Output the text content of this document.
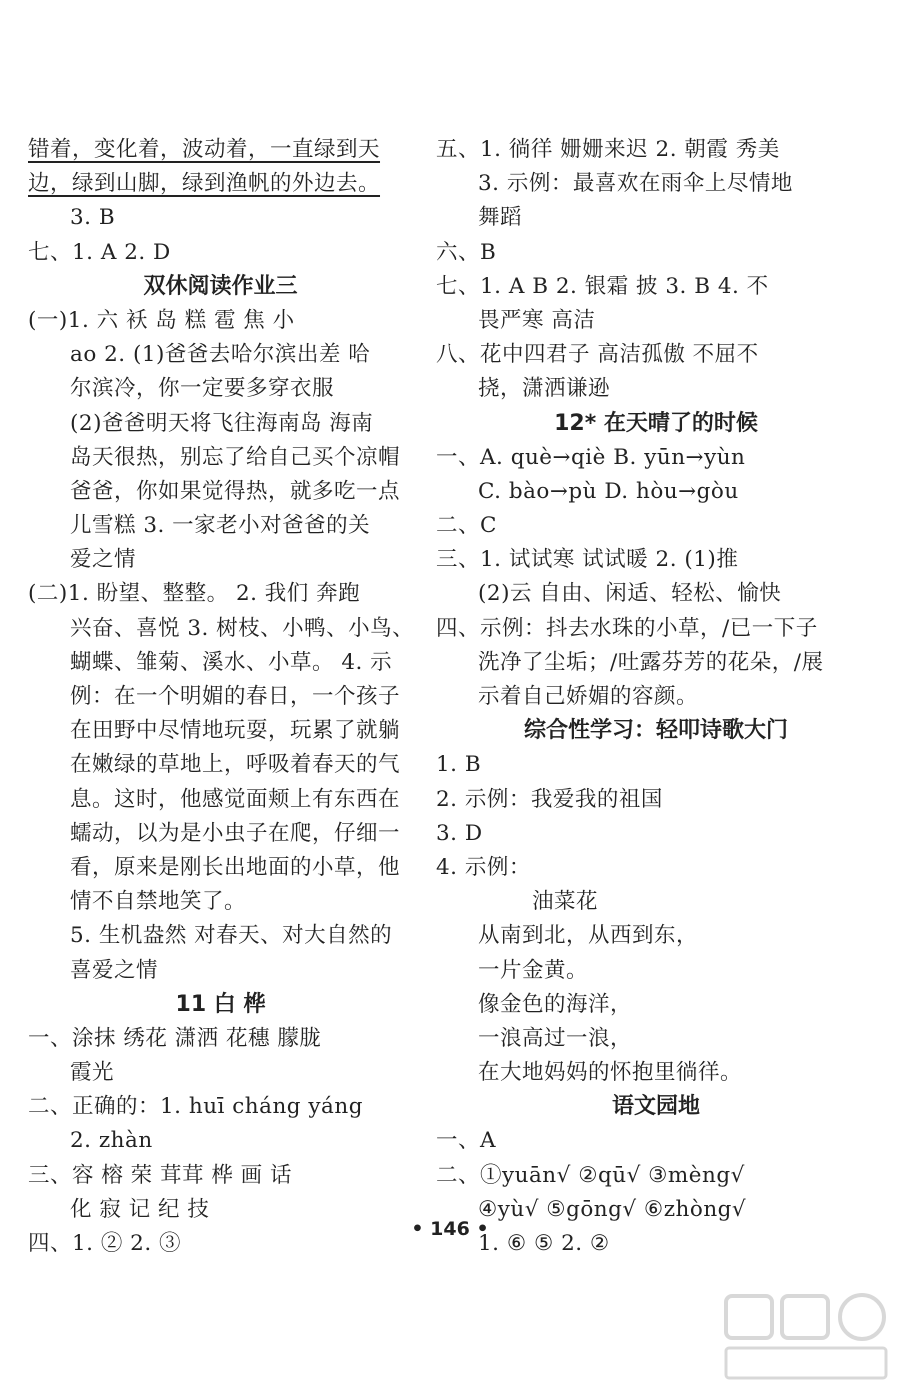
错着，变化着，波动着，一直绿到天
边，绿到山脚，绿到渔帆的外边去。
3. B
七、1. A 2. D
双休阅读作业三
(一)1. 六 袄 岛 糕 雹 焦 小
ao 2. (1)爸爸去哈尔滨出差 哈
尔滨冷，你一定要多穿衣服
(2)爸爸明天将飞往海南岛 海南
岛天很热，别忘了给自己买个凉帽
爸爸，你如果觉得热，就多吃一点
儿雪糕 3. 一家老小对爸爸的关
爱之情
(二)1. 盼望、整整。 2. 我们 奔跑
兴奋、喜悦 3. 树枝、小鸭、小鸟、
蝴蝶、雏菊、溪水、小草。 4. 示
例：在一个明媚的春日，一个孩子
在田野中尽情地玩耍，玩累了就躺
在嫩绿的草地上，呼吸着春天的气
息。这时，他感觉面颊上有东西在
蠕动，以为是小虫子在爬，仔细一
看，原来是刚长出地面的小草，他
情不自禁地笑了。
5. 生机盎然 对春天、对大自然的
喜爱之情
11 白 桦
一、涂抹 绣花 潇洒 花穗 朦胧
霞光
二、正确的：1. huī cháng yáng
2. zhàn
三、容 榕 荣 茸茸 桦 画 话
化 寂 记 纪 技
四、1. ② 2. ③
五、1. 徜徉 姗姗来迟 2. 朝霞 秀美
3. 示例：最喜欢在雨伞上尽情地
舞蹈
六、B
七、1. A B 2. 银霜 披 3. B 4. 不
畏严寒 高洁
八、花中四君子 高洁孤傲 不屈不
挠，潇洒谦逊
12* 在天晴了的时候
一、A. què→qiè B. yūn→yùn
C. bào→pù D. hòu→gòu
二、C
三、1. 试试寒 试试暖 2. (1)推
(2)云 自由、闲适、轻松、愉快
四、示例：抖去水珠的小草，/已一下子
洗净了尘垢；/吐露芬芳的花朵，/展
示着自己娇媚的容颜。
综合性学习：轻叩诗歌大门
1. B
2. 示例：我爱我的祖国
3. D
4. 示例：
油菜花
从南到北，从西到东，
一片金黄。
像金色的海洋，
一浪高过一浪，
在大地妈妈的怀抱里徜徉。
语文园地
一、A
二、①yuān√ ②qū√ ③mèng√
④yù√ ⑤gōng√ ⑥zhòng√
1. ⑥ ⑤ 2. ②
• 146 •
